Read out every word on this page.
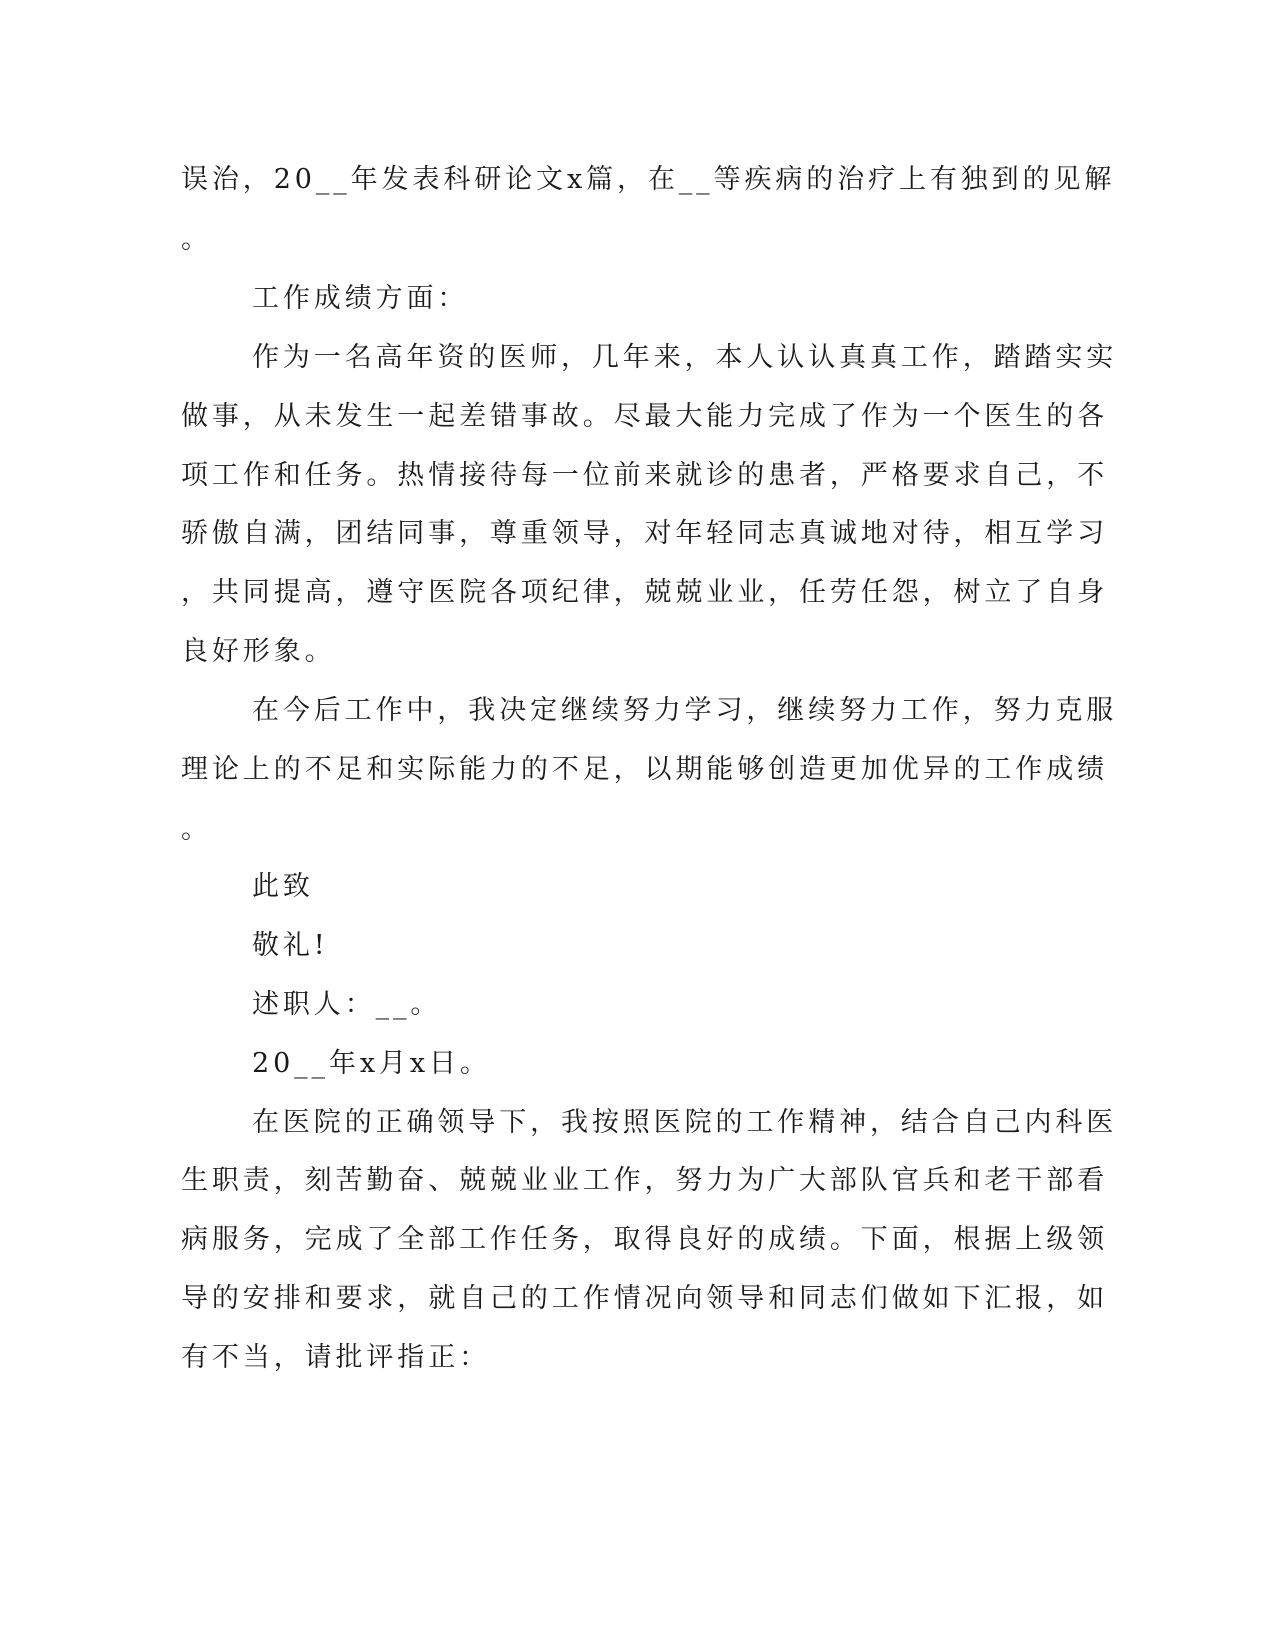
误治，20__年发表科研论文x篇，在__等疾病的治疗上有独到的见解
。
工作成绩方面：
作为一名高年资的医师，几年来，本人认认真真工作，踏踏实实
做事，从未发生一起差错事故。尽最大能力完成了作为一个医生的各
项工作和任务。热情接待每一位前来就诊的患者，严格要求自己，不
骄傲自满，团结同事，尊重领导，对年轻同志真诚地对待，相互学习
，共同提高，遵守医院各项纪律，兢兢业业，任劳任怨，树立了自身
良好形象。
在今后工作中，我决定继续努力学习，继续努力工作，努力克服
理论上的不足和实际能力的不足，以期能够创造更加优异的工作成绩
。
此致
敬礼!
述职人：__。
20__年x月x日。
在医院的正确领导下，我按照医院的工作精神，结合自己内科医
生职责，刻苦勤奋、兢兢业业工作，努力为广大部队官兵和老干部看
病服务，完成了全部工作任务，取得良好的成绩。下面，根据上级领
导的安排和要求，就自己的工作情况向领导和同志们做如下汇报，如
有不当，请批评指正：
